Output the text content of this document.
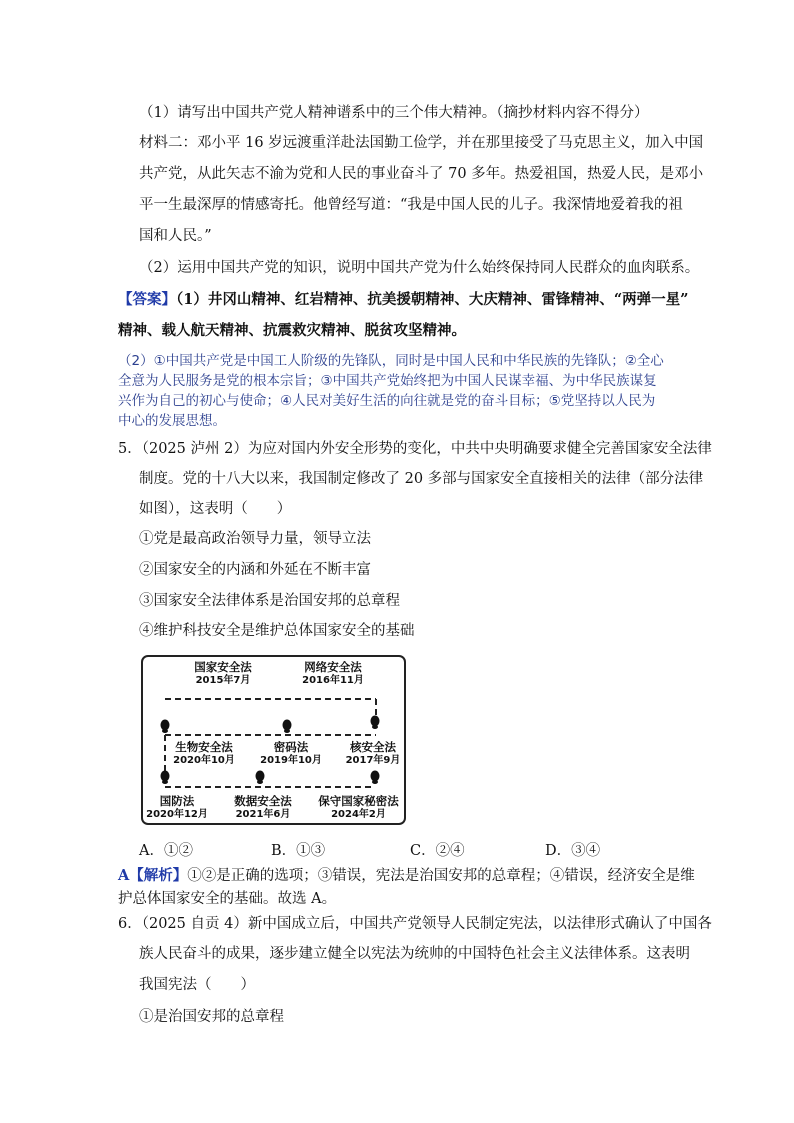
（1）请写出中国共产党人精神谱系中的三个伟大精神。（摘抄材料内容不得分）
材料二：邓小平 16 岁远渡重洋赴法国勤工俭学，并在那里接受了马克思主义，加入中国
共产党，从此矢志不渝为党和人民的事业奋斗了 70 多年。热爱祖国，热爱人民，是邓小
平一生最深厚的情感寄托。他曾经写道：“我是中国人民的儿子。我深情地爱着我的祖
国和人民。”
（2）运用中国共产党的知识，说明中国共产党为什么始终保持同人民群众的血肉联系。
【答案】（1）井冈山精神、红岩精神、抗美援朝精神、大庆精神、雷锋精神、“两弹一星”
精神、载人航天精神、抗震救灾精神、脱贫攻坚精神。
（2）①中国共产党是中国工人阶级的先锋队，同时是中国人民和中华民族的先锋队；②全心
全意为人民服务是党的根本宗旨；③中国共产党始终把为中国人民谋幸福、为中华民族谋复
兴作为自己的初心与使命；④人民对美好生活的向往就是党的奋斗目标；⑤党坚持以人民为
中心的发展思想。
5．（2025 泸州 2）为应对国内外安全形势的变化，中共中央明确要求健全完善国家安全法律
制度。党的十八大以来，我国制定修改了 20 多部与国家安全直接相关的法律（部分法律
如图），这表明（　　）
①党是最高政治领导力量，领导立法
②国家安全的内涵和外延在不断丰富
③国家安全法律体系是治国安邦的总章程
④维护科技安全是维护总体国家安全的基础
国家安全法
2015年7月
网络安全法
2016年11月
生物安全法
2020年10月
密码法
2019年10月
核安全法
2017年9月
国防法
2020年12月
数据安全法
2021年6月
保守国家秘密法
2024年2月
A．①②	B．①③	C．②④	D．③④
A【解析】①②是正确的选项；③错误，宪法是治国安邦的总章程；④错误，经济安全是维
护总体国家安全的基础。故选 A。
6．（2025 自贡 4）新中国成立后，中国共产党领导人民制定宪法，以法律形式确认了中国各
族人民奋斗的成果，逐步建立健全以宪法为统帅的中国特色社会主义法律体系。这表明
我国宪法（　　）
①是治国安邦的总章程
